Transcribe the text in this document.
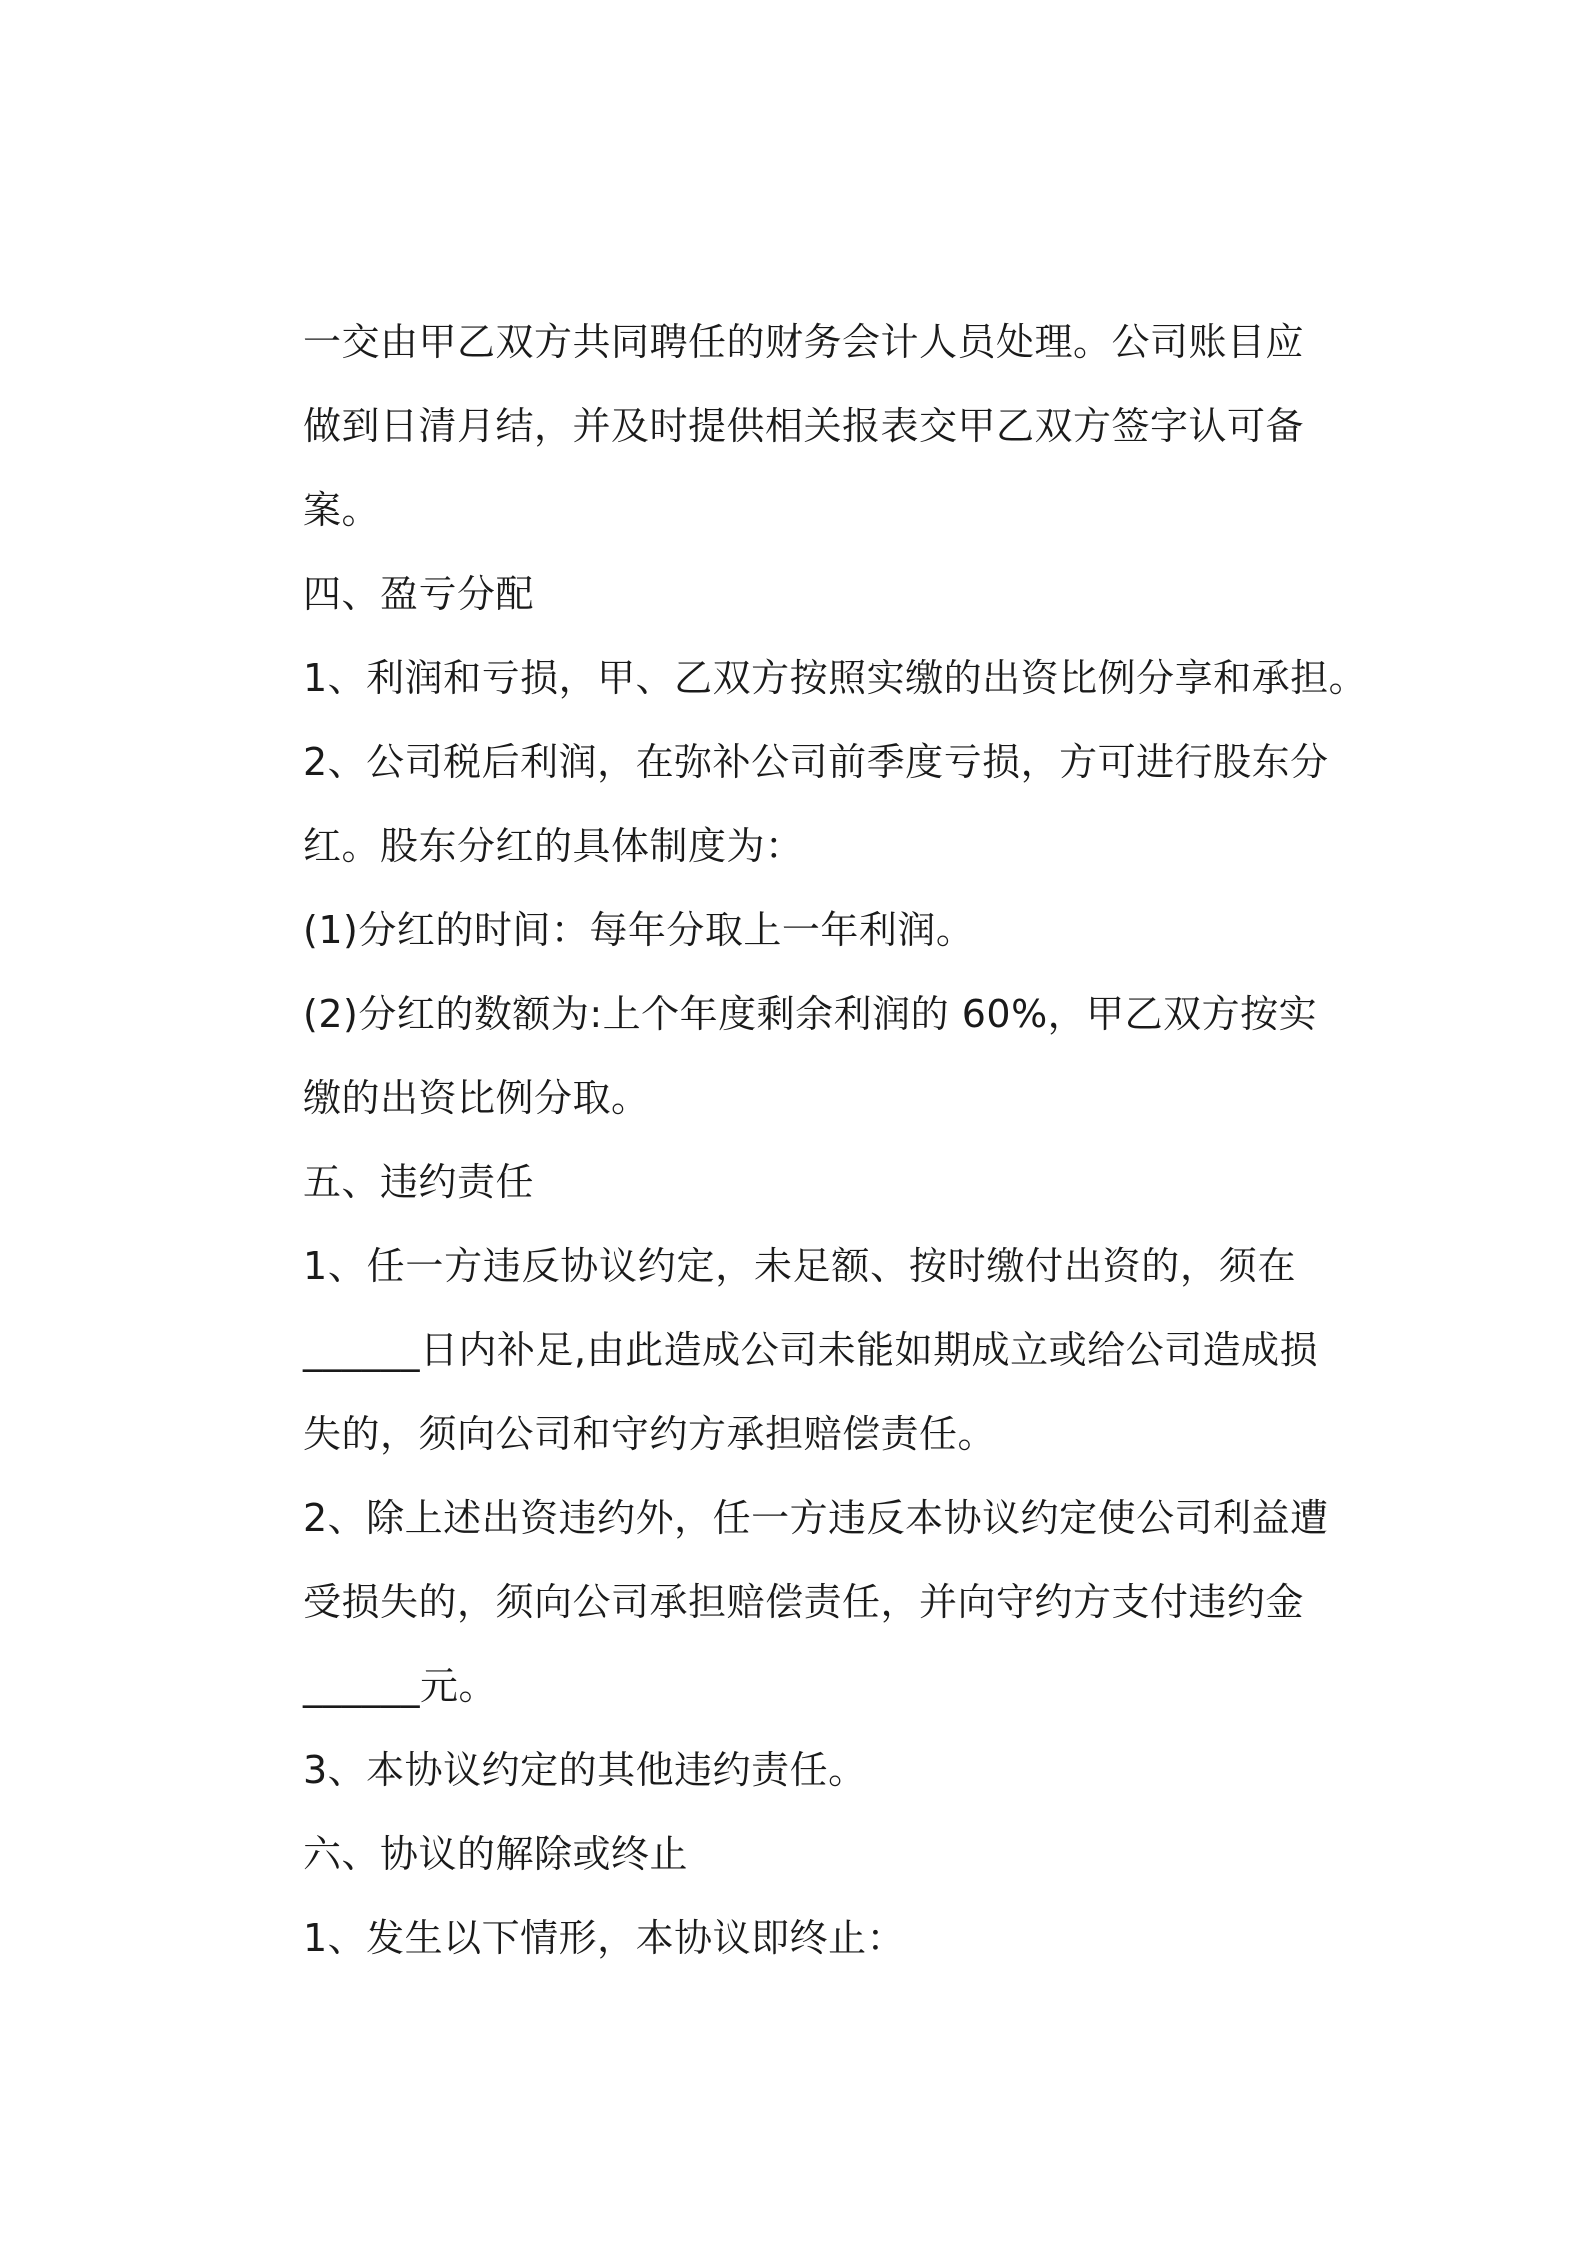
一交由甲乙双方共同聘任的财务会计人员处理。公司账目应
做到日清月结，并及时提供相关报表交甲乙双方签字认可备
案。
四、盈亏分配
1、利润和亏损，甲、乙双方按照实缴的出资比例分享和承担。
2、公司税后利润，在弥补公司前季度亏损，方可进行股东分
红。股东分红的具体制度为：
(1)分红的时间：每年分取上一年利润。
(2)分红的数额为:上个年度剩余利润的 60%，甲乙双方按实
缴的出资比例分取。
五、违约责任
1、任一方违反协议约定，未足额、按时缴付出资的，须在
______日内补足,由此造成公司未能如期成立或给公司造成损
失的，须向公司和守约方承担赔偿责任。
2、除上述出资违约外，任一方违反本协议约定使公司利益遭
受损失的，须向公司承担赔偿责任，并向守约方支付违约金
______元。
3、本协议约定的其他违约责任。
六、协议的解除或终止
1、发生以下情形，本协议即终止：
